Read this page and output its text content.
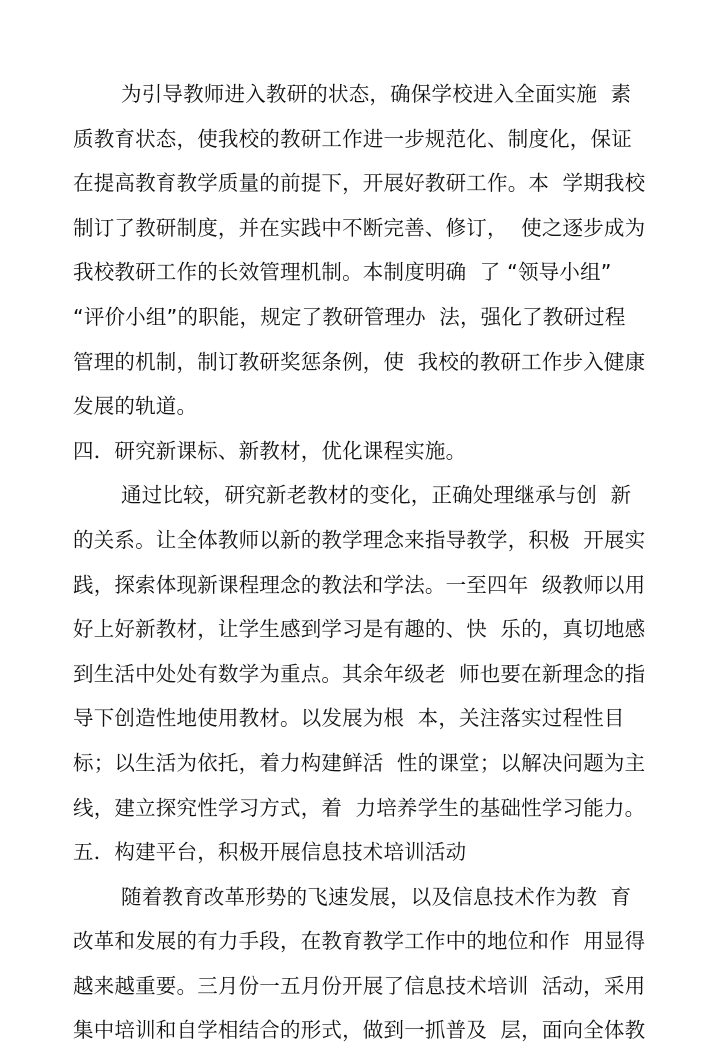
为引导教师进入教研的状态，确保学校进入全面实施  素
质教育状态，使我校的教研工作进一步规范化、制度化，保证
在提高教育教学质量的前提下，开展好教研工作。本  学期我校
制订了教研制度，并在实践中不断完善、修订，  使之逐步成为
我校教研工作的长效管理机制。本制度明确  了 “领导小组”
“评价小组”的职能，规定了教研管理办  法，强化了教研过程
管理的机制，制订教研奖惩条例，使  我校的教研工作步入健康
发展的轨道。
四．研究新课标、新教材，优化课程实施。
通过比较，研究新老教材的变化，正确处理继承与创  新
的关系。让全体教师以新的教学理念来指导教学，积极  开展实
践，探索体现新课程理念的教法和学法。一至四年  级教师以用
好上好新教材，让学生感到学习是有趣的、快  乐的，真切地感
到生活中处处有数学为重点。其余年级老  师也要在新理念的指
导下创造性地使用教材。以发展为根  本，关注落实过程性目
标；以生活为依托，着力构建鲜活  性的课堂；以解决问题为主
线，建立探究性学习方式，着  力培养学生的基础性学习能力。
五．构建平台，积极开展信息技术培训活动
随着教育改革形势的飞速发展，以及信息技术作为教  育
改革和发展的有力手段，在教育教学工作中的地位和作  用显得
越来越重要。三月份一五月份开展了信息技术培训  活动，采用
集中培训和自学相结合的形式，做到一抓普及  层，面向全体教
